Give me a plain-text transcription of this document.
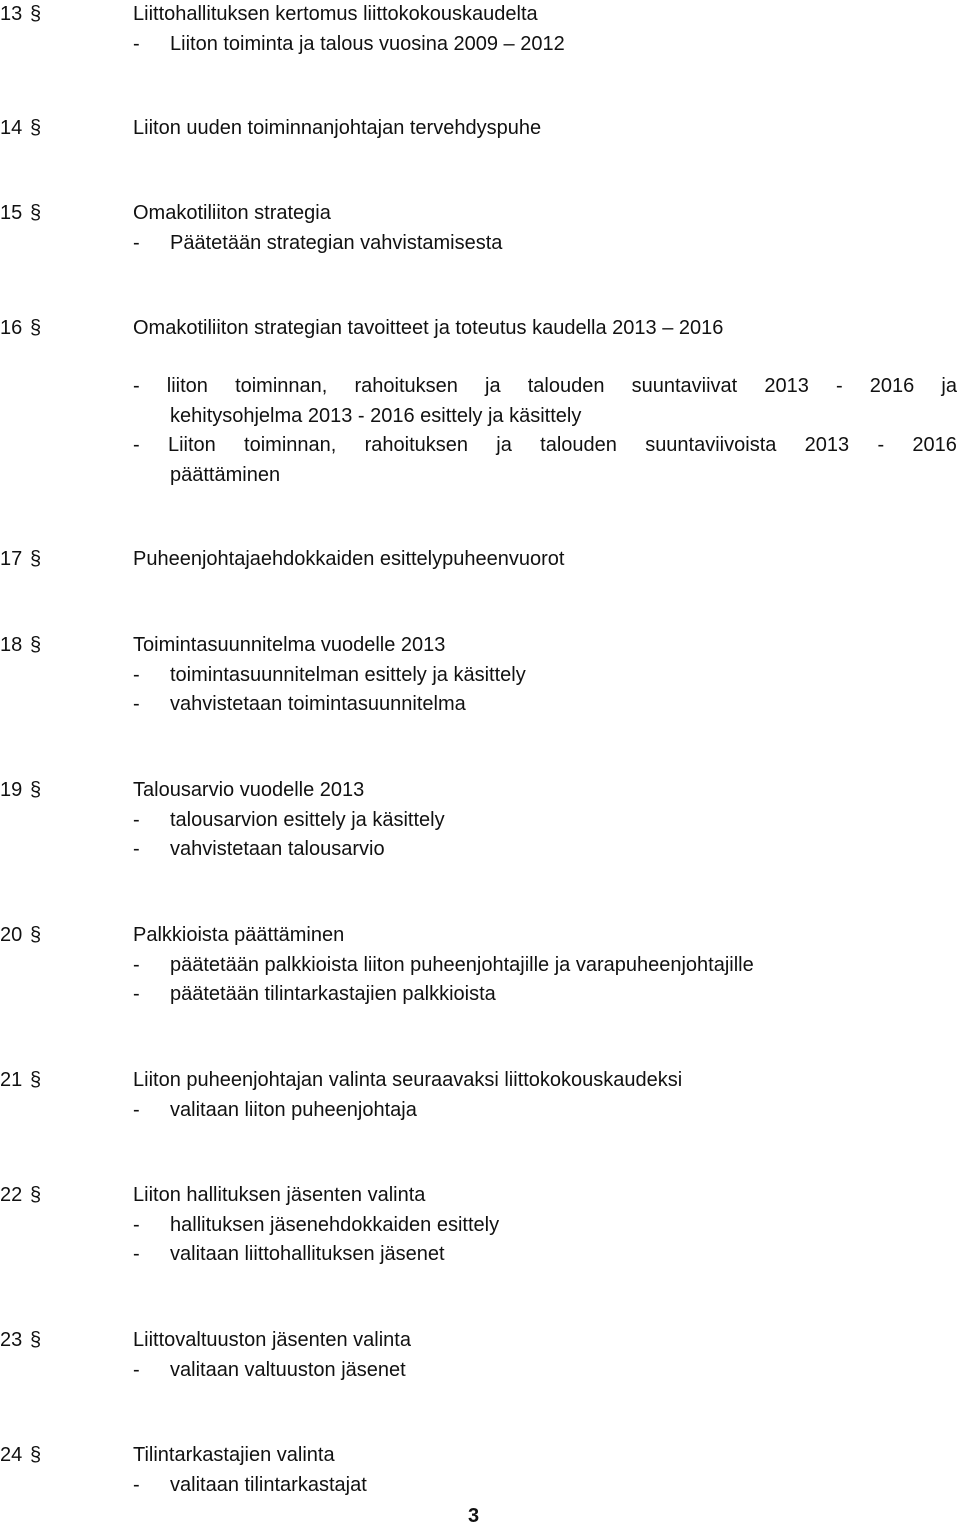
13 §	Liittohallituksen kertomus liittokokouskaudelta
- Liiton toiminta ja talous vuosina 2009 – 2012
14 §	Liiton uuden toiminnanjohtajan tervehdyspuhe
15 §	Omakotiliiton strategia
- Päätetään strategian vahvistamisesta
16 §	Omakotiliiton strategian tavoitteet ja toteutus kaudella 2013 – 2016
- liiton toiminnan, rahoituksen ja talouden suuntaviivat 2013 - 2016 ja
kehitysohjelma 2013 - 2016 esittely ja käsittely
- Liiton toiminnan, rahoituksen ja talouden suuntaviivoista 2013 - 2016
päättäminen
17 §	Puheenjohtajaehdokkaiden esittelypuheenvuorot
18 §	Toimintasuunnitelma vuodelle 2013
- toimintasuunnitelman esittely ja käsittely
- vahvistetaan toimintasuunnitelma
19 §	Talousarvio vuodelle 2013
- talousarvion esittely ja käsittely
- vahvistetaan talousarvio
20 §	Palkkioista päättäminen
- päätetään palkkioista liiton puheenjohtajille ja varapuheenjohtajille
- päätetään tilintarkastajien palkkioista
21 §	Liiton puheenjohtajan valinta seuraavaksi liittokokouskaudeksi
- valitaan liiton puheenjohtaja
22 §	Liiton hallituksen jäsenten valinta
- hallituksen jäsenehdokkaiden esittely
- valitaan liittohallituksen jäsenet
23 §	Liittovaltuuston jäsenten valinta
- valitaan valtuuston jäsenet
24 §	Tilintarkastajien valinta
- valitaan tilintarkastajat
3
